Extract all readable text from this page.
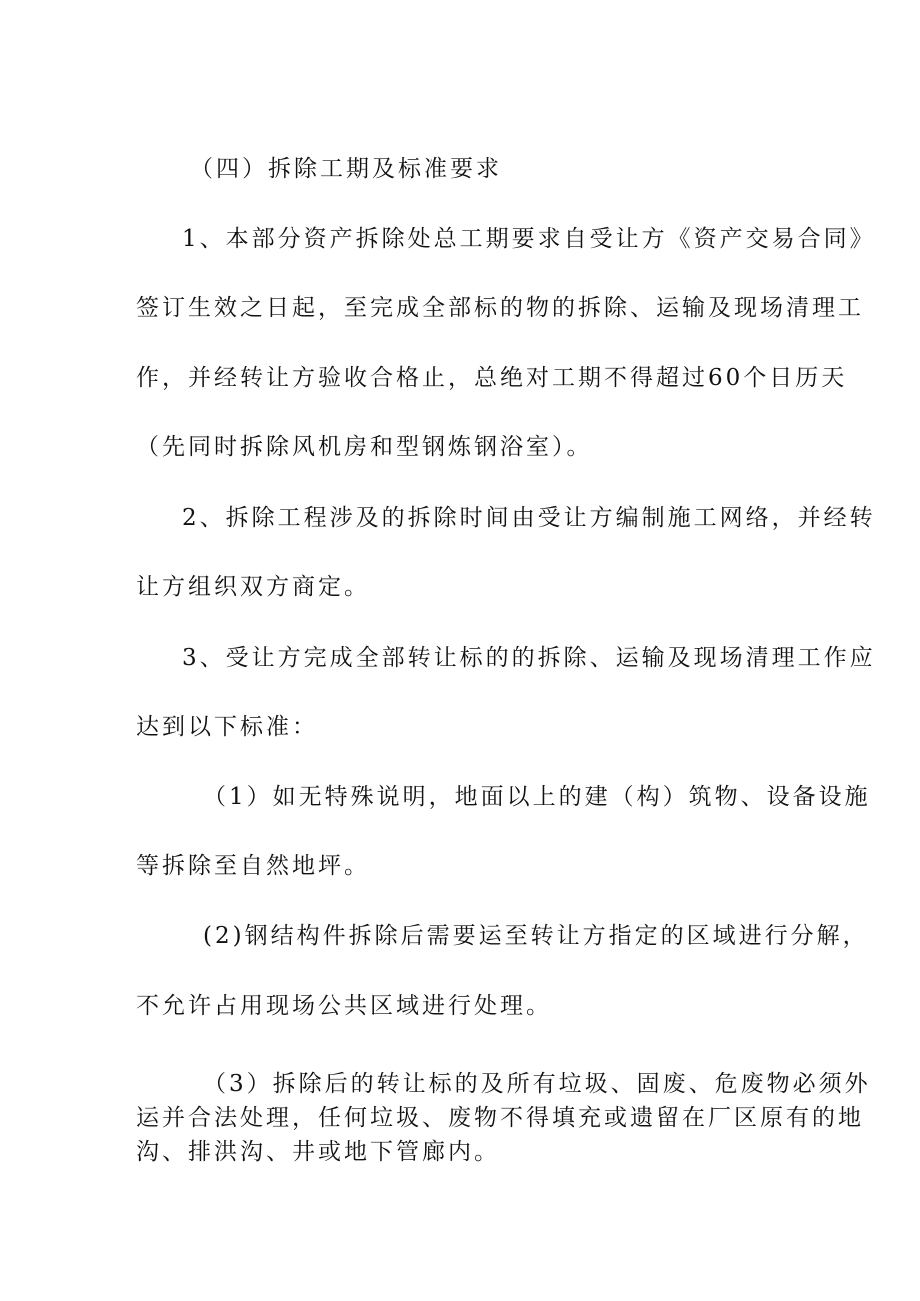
（四）拆除工期及标准要求
1、本部分资产拆除处总工期要求自受让方《资产交易合同》
签订生效之日起，至完成全部标的物的拆除、运输及现场清理工
作，并经转让方验收合格止，总绝对工期不得超过60个日历天
（先同时拆除风机房和型钢炼钢浴室）。
2、拆除工程涉及的拆除时间由受让方编制施工网络，并经转
让方组织双方商定。
3、受让方完成全部转让标的的拆除、运输及现场清理工作应
达到以下标准：
（1）如无特殊说明，地面以上的建（构）筑物、设备设施
等拆除至自然地坪。
(2)钢结构件拆除后需要运至转让方指定的区域进行分解，
不允许占用现场公共区域进行处理。
（3）拆除后的转让标的及所有垃圾、固废、危废物必须外
运并合法处理，任何垃圾、废物不得填充或遗留在厂区原有的地
沟、排洪沟、井或地下管廊内。
